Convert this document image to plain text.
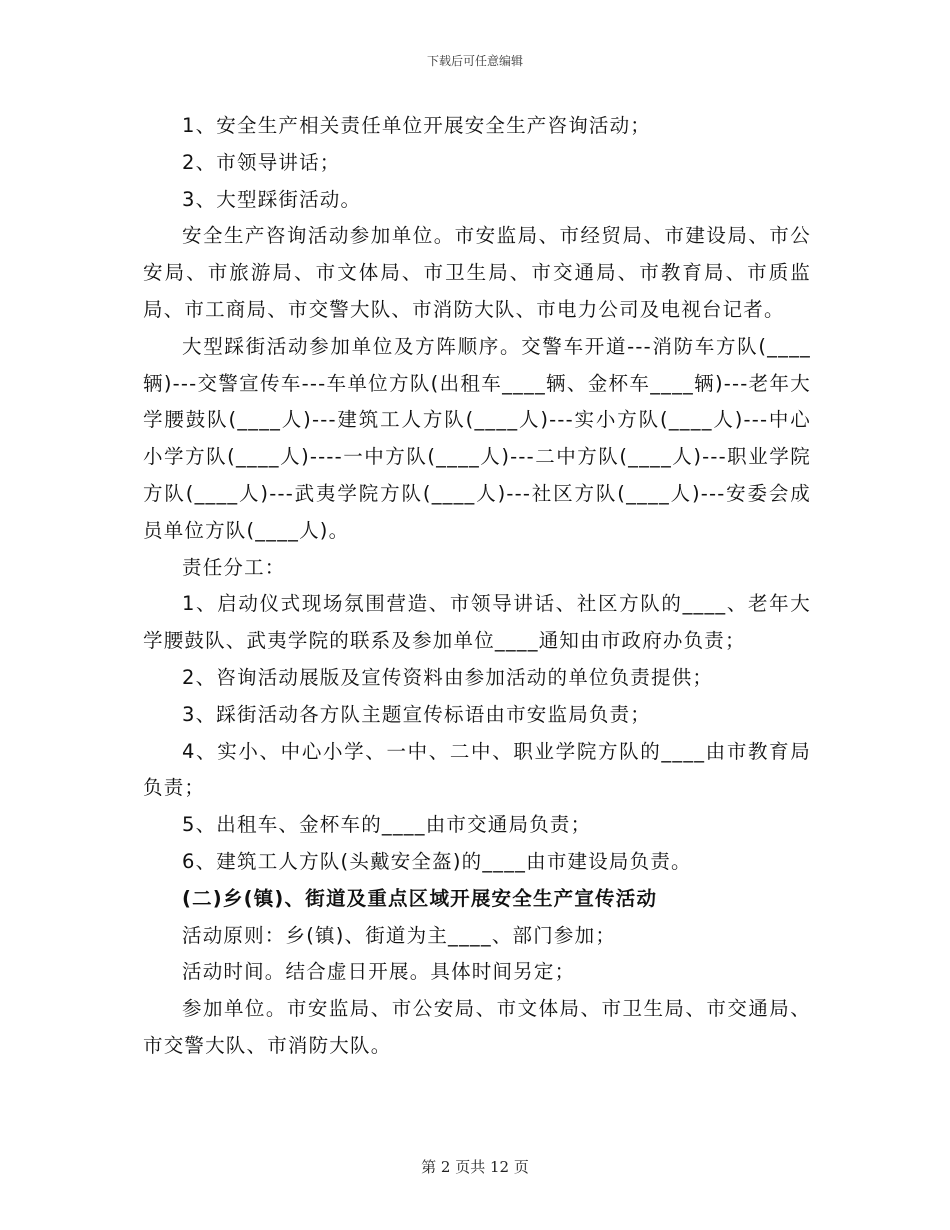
下载后可任意编辑

1、安全生产相关责任单位开展安全生产咨询活动；

2、市领导讲话；

3、大型踩街活动。

安全生产咨询活动参加单位。市安监局、市经贸局、市建设局、市公安局、市旅游局、市文体局、市卫生局、市交通局、市教育局、市质监局、市工商局、市交警大队、市消防大队、市电力公司及电视台记者。

大型踩街活动参加单位及方阵顺序。交警车开道---消防车方队(____辆)---交警宣传车---车单位方队(出租车____辆、金杯车____辆)---老年大学腰鼓队(____人)---建筑工人方队(____人)---实小方队(____人)---中心小学方队(____人)----一中方队(____人)---二中方队(____人)---职业学院方队(____人)---武夷学院方队(____人)---社区方队(____人)---安委会成员单位方队(____人)。

责任分工：

1、启动仪式现场氛围营造、市领导讲话、社区方队的____、老年大学腰鼓队、武夷学院的联系及参加单位____通知由市政府办负责；

2、咨询活动展版及宣传资料由参加活动的单位负责提供；

3、踩街活动各方队主题宣传标语由市安监局负责；

4、实小、中心小学、一中、二中、职业学院方队的____由市教育局负责；

5、出租车、金杯车的____由市交通局负责；

6、建筑工人方队(头戴安全盔)的____由市建设局负责。

(二)乡(镇)、街道及重点区域开展安全生产宣传活动

活动原则：乡(镇)、街道为主____、部门参加；

活动时间。结合虚日开展。具体时间另定；

参加单位。市安监局、市公安局、市文体局、市卫生局、市交通局、市交警大队、市消防大队。

第 2 页共 12 页
